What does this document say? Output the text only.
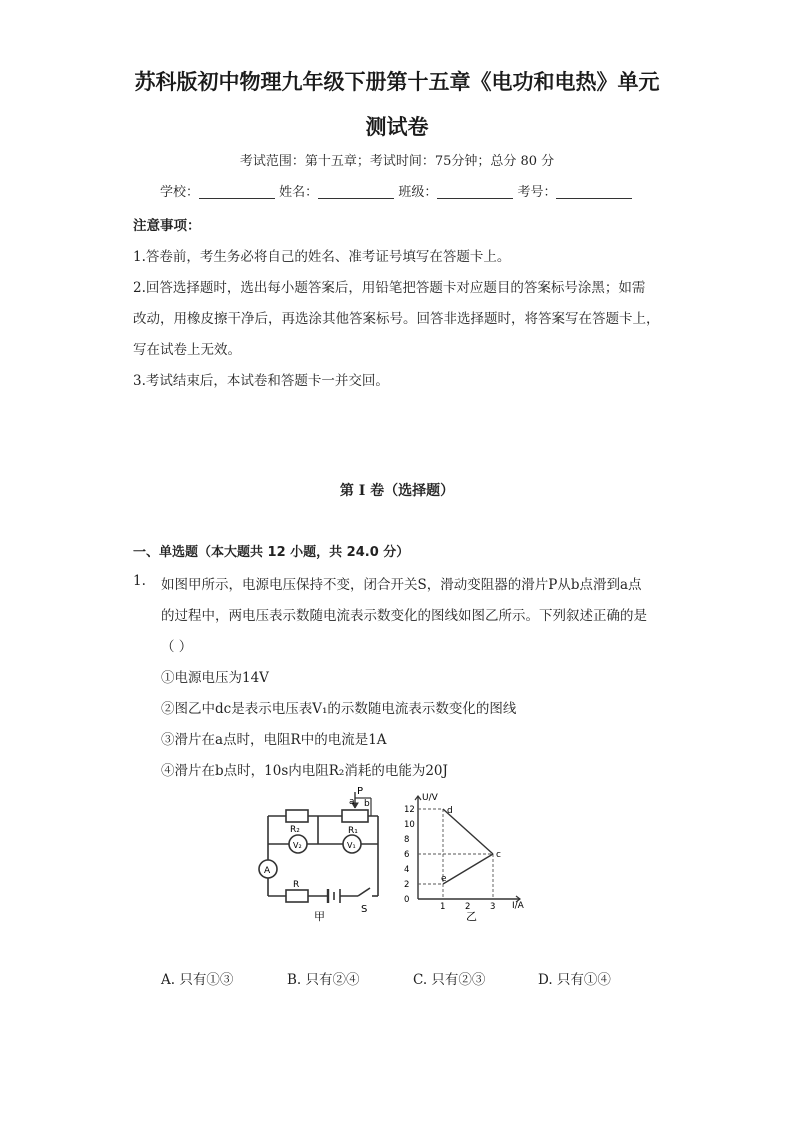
苏科版初中物理九年级下册第十五章《电功和电热》单元
测试卷
考试范围：第十五章；考试时间：75分钟；总分 80 分
学校：	姓名：	班级：	考号：
注意事项：
1.答卷前，考生务必将自己的姓名、准考证号填写在答题卡上。
2.回答选择题时，选出每小题答案后，用铅笔把答题卡对应题目的答案标号涂黑；如需
改动，用橡皮擦干净后，再选涂其他答案标号。回答非选择题时，将答案写在答题卡上，
写在试卷上无效。
3.考试结束后，本试卷和答题卡一并交回。
第 I 卷（选择题）
一、单选题（本大题共 12 小题，共 24.0 分）
1. 如图甲所示，电源电压保持不变，闭合开关S，滑动变阻器的滑片P从b点滑到a点
的过程中，两电压表示数随电流表示数变化的图线如图乙所示。下列叙述正确的是
（ ）
①电源电压为14V
②图乙中dc是表示电压表V₁的示数随电流表示数变化的图线
③滑片在a点时，电阻R中的电流是1A
④滑片在b点时，10s内电阻R₂消耗的电能为20J
P
a b
R₂	R₁
V₂	V₁
A
R
S
甲
U/V
I/A
12
10
8
6
4
2
0
1 2 3
d
c
e
乙
A. 只有①③	B. 只有②④	C. 只有②③	D. 只有①④
